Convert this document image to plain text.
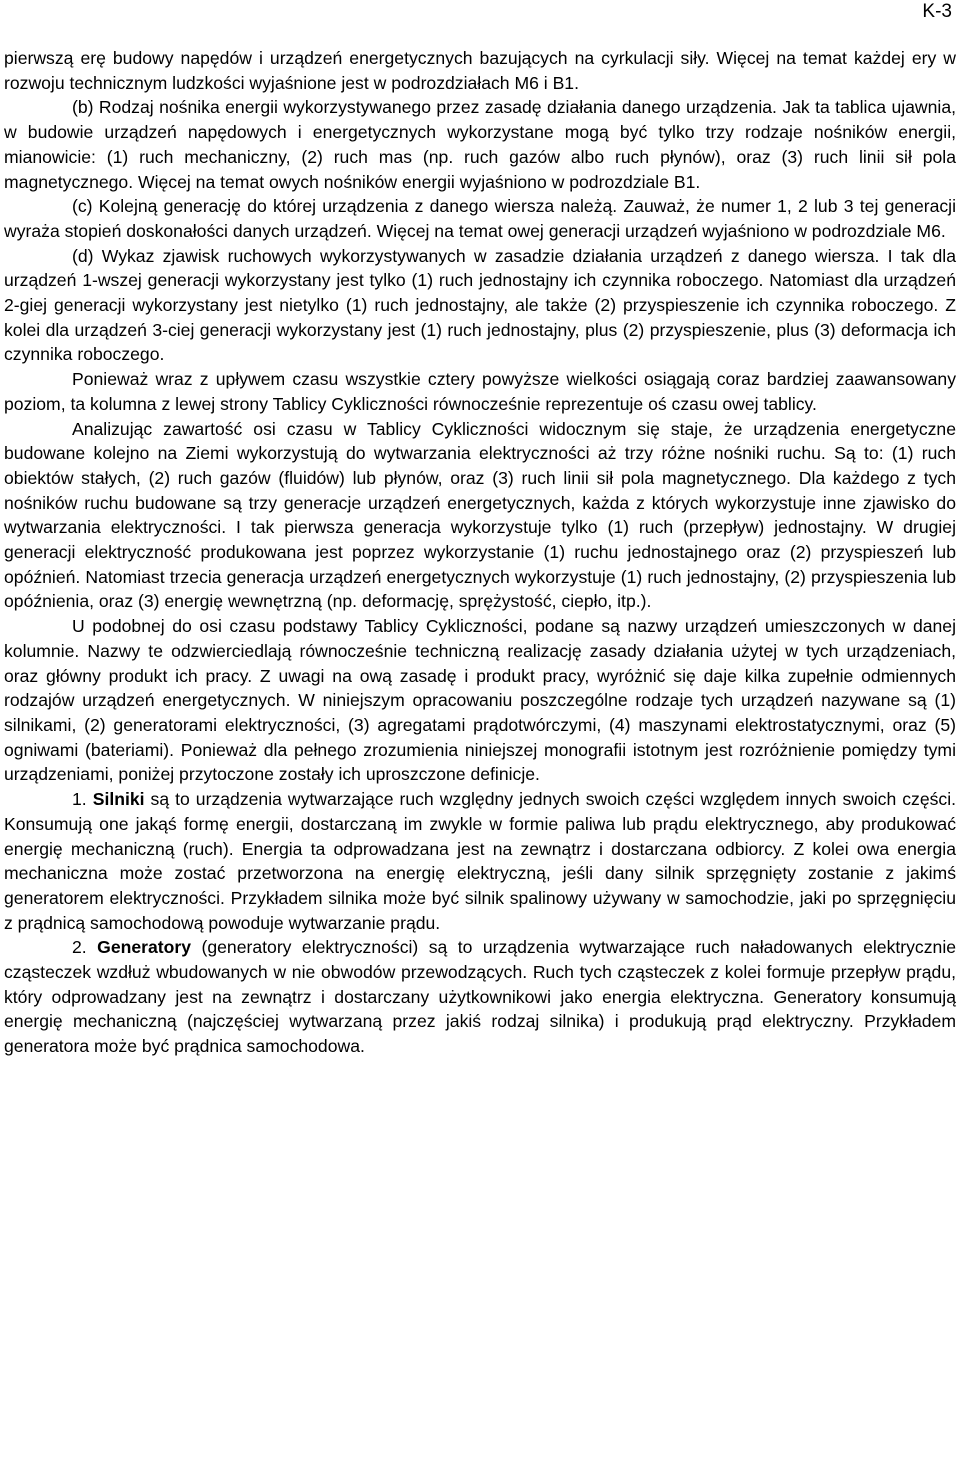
K-3

pierwszą erę budowy napędów i urządzeń energetycznych bazujących na cyrkulacji siły. Więcej na temat każdej ery w rozwoju technicznym ludzkości wyjaśnione jest w podrozdziałach M6 i B1.

(b) Rodzaj nośnika energii wykorzystywanego przez zasadę działania danego urządzenia. Jak ta tablica ujawnia, w budowie urządzeń napędowych i energetycznych wykorzystane mogą być tylko trzy rodzaje nośników energii, mianowicie: (1) ruch mechaniczny, (2) ruch mas (np. ruch gazów albo ruch płynów), oraz (3) ruch linii sił pola magnetycznego. Więcej na temat owych nośników energii wyjaśniono w podrozdziale B1.

(c) Kolejną generację do której urządzenia z danego wiersza należą. Zauważ, że numer 1, 2 lub 3 tej generacji wyraża stopień doskonałości danych urządzeń. Więcej na temat owej generacji urządzeń wyjaśniono w podrozdziale M6.

(d) Wykaz zjawisk ruchowych wykorzystywanych w zasadzie działania urządzeń z danego wiersza. I tak dla urządzeń 1-wszej generacji wykorzystany jest tylko (1) ruch jednostajny ich czynnika roboczego. Natomiast dla urządzeń 2-giej generacji wykorzystany jest nietylko (1) ruch jednostajny, ale także (2) przyspieszenie ich czynnika roboczego. Z kolei dla urządzeń 3-ciej generacji wykorzystany jest (1) ruch jednostajny, plus (2) przyspieszenie, plus (3) deformacja ich czynnika roboczego.

Ponieważ wraz z upływem czasu wszystkie cztery powyższe wielkości osiągają coraz bardziej zaawansowany poziom, ta kolumna z lewej strony Tablicy Cykliczności równocześnie reprezentuje oś czasu owej tablicy.

Analizując zawartość osi czasu w Tablicy Cykliczności widocznym się staje, że urządzenia energetyczne budowane kolejno na Ziemi wykorzystują do wytwarzania elektryczności aż trzy różne nośniki ruchu. Są to: (1) ruch obiektów stałych, (2) ruch gazów (fluidów) lub płynów, oraz (3) ruch linii sił pola magnetycznego. Dla każdego z tych nośników ruchu budowane są trzy generacje urządzeń energetycznych, każda z których wykorzystuje inne zjawisko do wytwarzania elektryczności. I tak pierwsza generacja wykorzystuje tylko (1) ruch (przepływ) jednostajny. W drugiej generacji elektryczność produkowana jest poprzez wykorzystanie (1) ruchu jednostajnego oraz (2) przyspieszeń lub opóźnień. Natomiast trzecia generacja urządzeń energetycznych wykorzystuje (1) ruch jednostajny, (2) przyspieszenia lub opóźnienia, oraz (3) energię wewnętrzną (np. deformację, sprężystość, ciepło, itp.).

U podobnej do osi czasu podstawy Tablicy Cykliczności, podane są nazwy urządzeń umieszczonych w danej kolumnie. Nazwy te odzwierciedlają równocześnie techniczną realizację zasady działania użytej w tych urządzeniach, oraz główny produkt ich pracy. Z uwagi na ową zasadę i produkt pracy, wyróżnić się daje kilka zupełnie odmiennych rodzajów urządzeń energetycznych. W niniejszym opracowaniu poszczególne rodzaje tych urządzeń nazywane są (1) silnikami, (2) generatorami elektryczności, (3) agregatami prądotwórczymi, (4) maszynami elektrostatycznymi, oraz (5) ogniwami (bateriami). Ponieważ dla pełnego zrozumienia niniejszej monografii istotnym jest rozróżnienie pomiędzy tymi urządzeniami, poniżej przytoczone zostały ich uproszczone definicje.

1. Silniki są to urządzenia wytwarzające ruch względny jednych swoich części względem innych swoich części. Konsumują one jakąś formę energii, dostarczaną im zwykle w formie paliwa lub prądu elektrycznego, aby produkować energię mechaniczną (ruch). Energia ta odprowadzana jest na zewnątrz i dostarczana odbiorcy. Z kolei owa energia mechaniczna może zostać przetworzona na energię elektryczną, jeśli dany silnik sprzęgnięty zostanie z jakimś generatorem elektryczności. Przykładem silnika może być silnik spalinowy używany w samochodzie, jaki po sprzęgnięciu z prądnicą samochodową powoduje wytwarzanie prądu.

2. Generatory (generatory elektryczności) są to urządzenia wytwarzające ruch naładowanych elektrycznie cząsteczek wzdłuż wbudowanych w nie obwodów przewodzących. Ruch tych cząsteczek z kolei formuje przepływ prądu, który odprowadzany jest na zewnątrz i dostarczany użytkownikowi jako energia elektryczna. Generatory konsumują energię mechaniczną (najczęściej wytwarzaną przez jakiś rodzaj silnika) i produkują prąd elektryczny. Przykładem generatora może być prądnica samochodowa.
